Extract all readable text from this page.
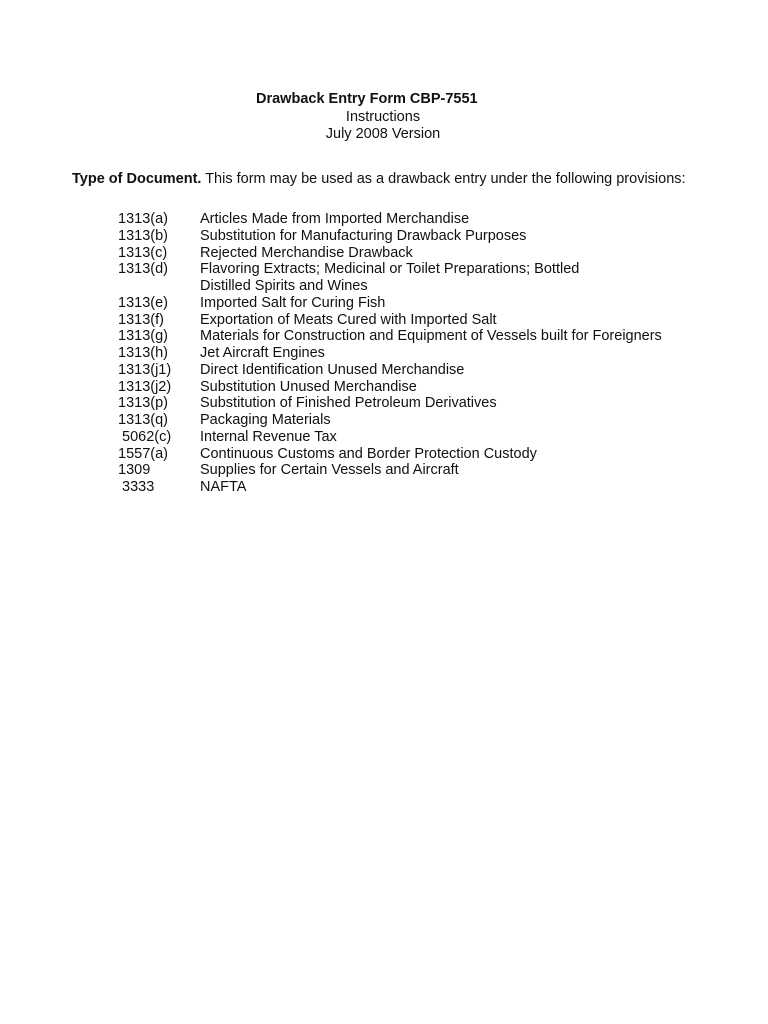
Drawback Entry Form CBP-7551
Instructions
July 2008 Version
Type of Document. This form may be used as a drawback entry under the following provisions:
1313(a) Articles Made from Imported Merchandise
1313(b) Substitution for Manufacturing Drawback Purposes
1313(c) Rejected Merchandise Drawback
1313(d) Flavoring Extracts; Medicinal or Toilet Preparations; Bottled
Distilled Spirits and Wines
1313(e) Imported Salt for Curing Fish
1313(f) Exportation of Meats Cured with Imported Salt
1313(g) Materials for Construction and Equipment of Vessels built for Foreigners
1313(h) Jet Aircraft Engines
1313(j1) Direct Identification Unused Merchandise
1313(j2) Substitution Unused Merchandise
1313(p) Substitution of Finished Petroleum Derivatives
1313(q) Packaging Materials
5062(c) Internal Revenue Tax
1557(a) Continuous Customs and Border Protection Custody
1309	Supplies for Certain Vessels and Aircraft
3333	NAFTA
